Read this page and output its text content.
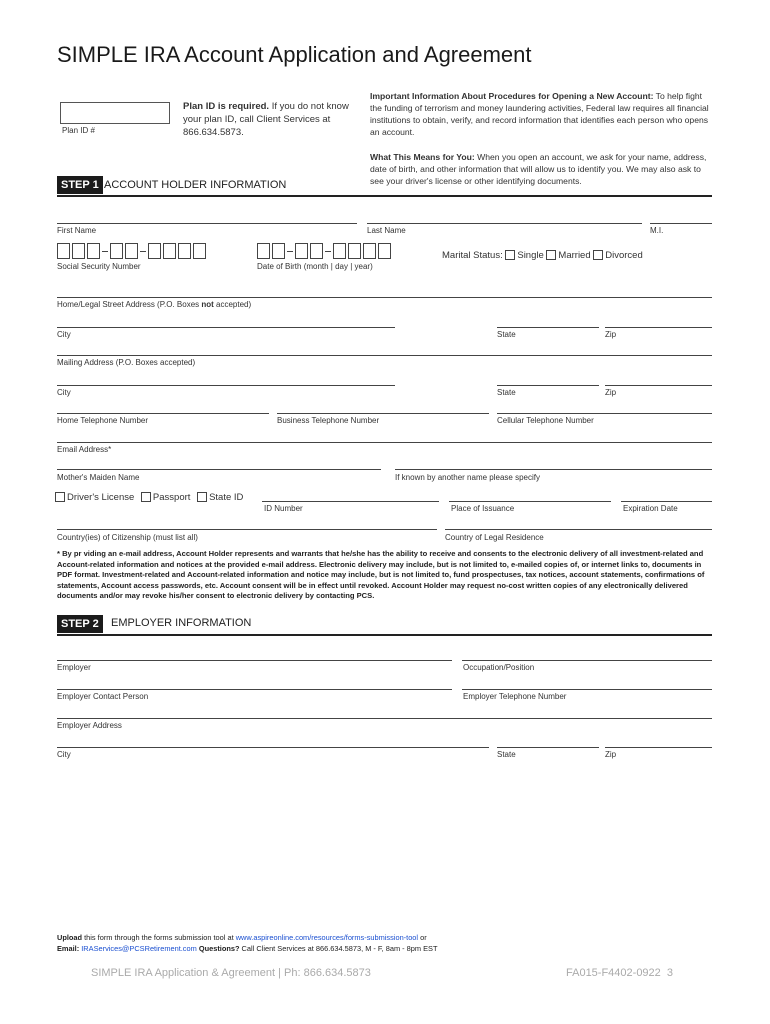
SIMPLE IRA Account Application and Agreement
Plan ID #
Plan ID is required. If you do not know your plan ID, call Client Services at 866.634.5873.
Important Information About Procedures for Opening a New Account: To help fight the funding of terrorism and money laundering activities, Federal law requires all financial institutions to obtain, verify, and record information that identifies each person who opens an account.
What This Means for You: When you open an account, we ask for your name, address, date of birth, and other information that will allow us to identify you. We may also ask to see your driver's license or other identifying documents.
STEP 1 ACCOUNT HOLDER INFORMATION
First Name	Last Name	M.I.
Social Security Number	Date of Birth (month | day | year)
Marital Status: Single Married Divorced
Home/Legal Street Address (P.O. Boxes not accepted)
City	State	Zip
Mailing Address (P.O. Boxes accepted)
City	State	Zip
Home Telephone Number	Business Telephone Number	Cellular Telephone Number
Email Address*
Mother's Maiden Name	If known by another name please specify
Driver's License Passport State ID
ID Number	Place of Issuance	Expiration Date
Country(ies) of Citizenship (must list all)	Country of Legal Residence
* By pr viding an e-mail address, Account Holder represents and warrants that he/she has the ability to receive and consents to the electronic delivery of all investment-related and Account-related information and notices at the provided e-mail address. Electronic delivery may include, but is not limited to, e-mailed copies of, or internet links to, documents in PDF format. Investment-related and Account-related information and notice may include, but is not limited to, fund prospectuses, tax notices, account statements, confirmations of statements, Account access passwords, etc. Account consent will be in effect until revoked. Account Holder may request no-cost written copies of any electronically delivered documents and/or may revoke his/her consent to electronic delivery by contacting PCS.
STEP 2	EMPLOYER INFORMATION
Employer	Occupation/Position
Employer Contact Person	Employer Telephone Number
Employer Address
City	State	Zip
Upload this form through the forms submission tool at www.aspireonline.com/resources/forms-submission-tool or
Email: IRAServices@PCSRetirement.com Questions? Call Client Services at 866.634.5873, M - F, 8am - 8pm EST
SIMPLE IRA Application & Agreement | Ph: 866.634.5873	FA015-F4402-0922  3
